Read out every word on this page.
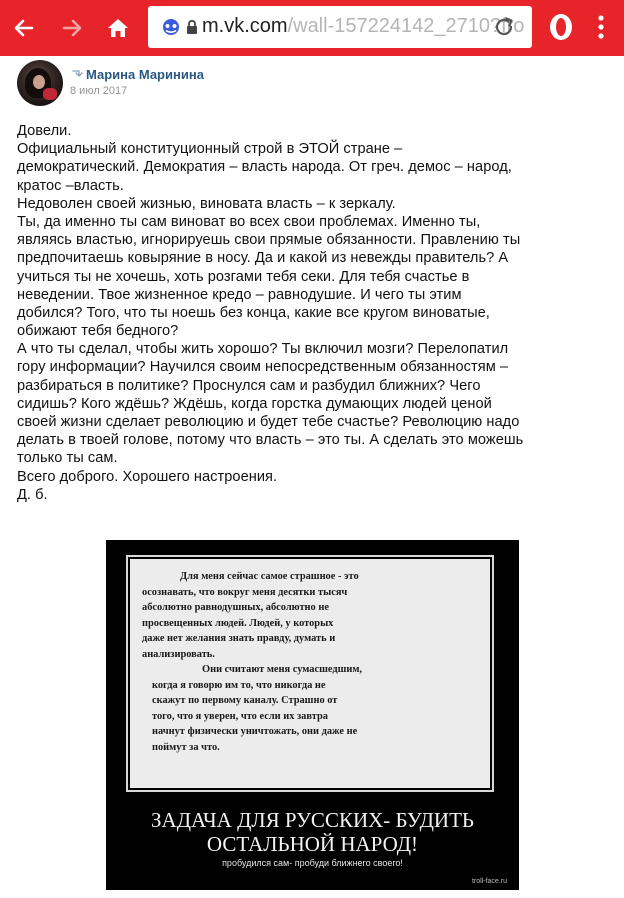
m.vk.com/wall-157224142_2710?fro
Марина Маринина
8 июл 2017
Довели.
Официальный конституционный строй в ЭТОЙ стране –
демократический. Демократия – власть народа. От греч. демос – народ,
кратос –власть.
Недоволен своей жизнью, виновата власть – к зеркалу.
Ты, да именно ты сам виноват во всех свои проблемах. Именно ты,
являясь властью, игнорируешь свои прямые обязанности. Правлению ты
предпочитаешь ковыряние в носу. Да и какой из невежды правитель? А
учиться ты не хочешь, хоть розгами тебя секи. Для тебя счастье в
неведении. Твое жизненное кредо – равнодушие. И чего ты этим
добился? Того, что ты ноешь без конца, какие все кругом виноватые,
обижают тебя бедного?
А что ты сделал, чтобы жить хорошо? Ты включил мозги? Перелопатил
гору информации? Научился своим непосредственным обязанностям –
разбираться в политике? Проснулся сам и разбудил ближних? Чего
сидишь? Кого ждёшь? Ждёшь, когда горстка думающих людей ценой
своей жизни сделает революцию и будет тебе счастье? Революцию надо
делать в твоей голове, потому что власть – это ты. А сделать это можешь
только ты сам.
Всего доброго. Хорошего настроения.
Д. б.
Для меня сейчас самое страшное - это
осознавать, что вокруг меня десятки тысяч
абсолютно равнодушных, абсолютно не
просвещенных людей. Людей, у которых
даже нет желания знать правду, думать и
анализировать.
Они считают меня сумасшедшим,
когда я говорю им то, что никогда не
скажут по первому каналу. Страшно от
того, что я уверен, что если их завтра
начнут физически уничтожать, они даже не
поймут за что.
ЗАДАЧА ДЛЯ РУССКИХ- БУДИТЬ
ОСТАЛЬНОЙ НАРОД!
пробудился сам- пробуди ближнего своего!
troll-face.ru
